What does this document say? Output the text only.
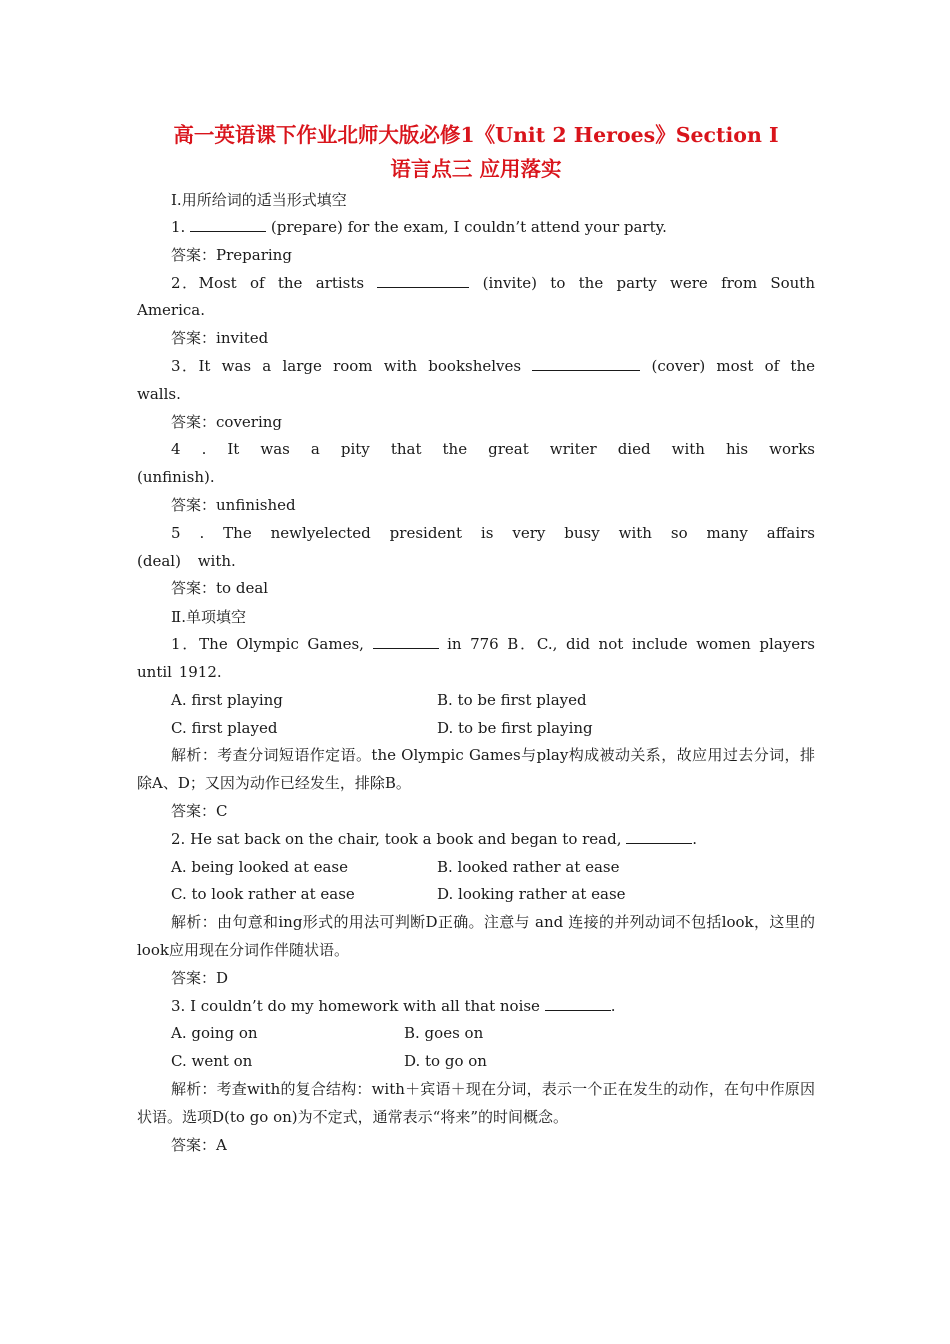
高一英语课下作业北师大版必修1《Unit 2 Heroes》Section Ⅰ
语言点三 应用落实
Ⅰ.用所给词的适当形式填空

1.	(prepare) for the exam, I couldn’t attend your party.

答案：Preparing

2．Most of the artists	(invite) to the party were from South America.

答案：invited

3．It was a large room with bookshelves	(cover) most of the walls.

答案：covering

4 . It was a pity that the great writer died with his works (unfinish).

答案：unfinished

5 . The newlyelected president is very busy with so many affairs (deal) with.

答案：to deal

Ⅱ.单项填空

1．The Olympic Games,	in 776 B．C., did not include women players until 1912.

A. first playing	B. to be first played
C. first played	D. to be first playing

解析：考查分词短语作定语。the Olympic Games与play构成被动关系，故应用过去分词，排除A、D；又因为动作已经发生，排除B。

答案：C

2. He sat back on the chair, took a book and began to read,	.

A. being looked at ease	B. looked rather at ease
C. to look rather at ease	D. looking rather at ease

解析：由句意和ing形式的用法可判断D正确。注意与 and 连接的并列动词不包括look，这里的look应用现在分词作伴随状语。

答案：D

3. I couldn’t do my homework with all that noise	.

A. going on	B. goes on
C. went on	D. to go on

解析：考查with的复合结构：with＋宾语＋现在分词，表示一个正在发生的动作，在句中作原因状语。选项D(to go on)为不定式，通常表示“将来”的时间概念。

答案：A
